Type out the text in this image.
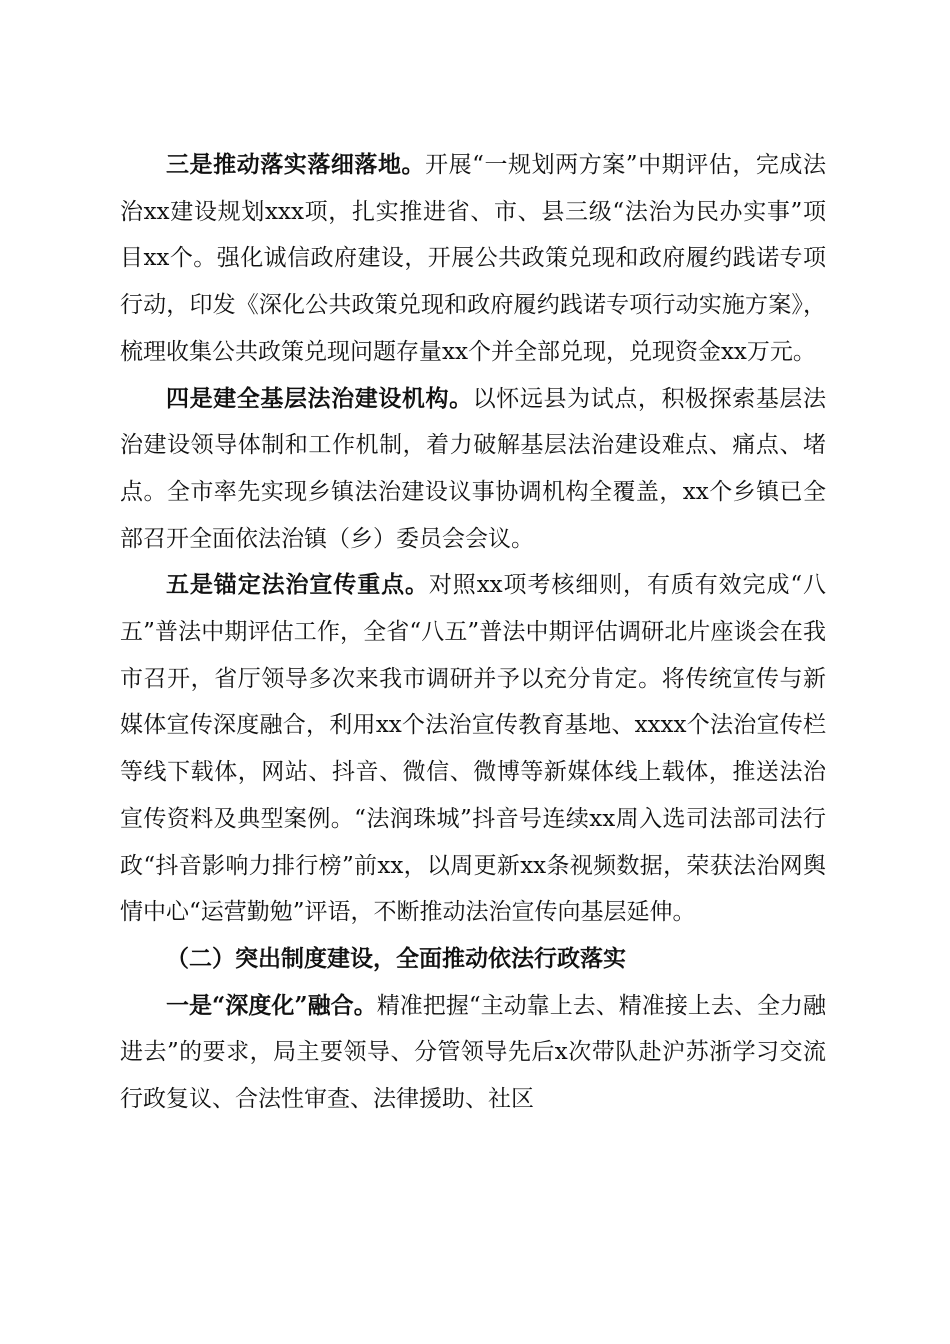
三是推动落实落细落地。开展“一规划两方案”中期评估，完成法治xx建设规划xxx项，扎实推进省、市、县三级“法治为民办实事”项目xx个。强化诚信政府建设，开展公共政策兑现和政府履约践诺专项行动，印发《深化公共政策兑现和政府履约践诺专项行动实施方案》，梳理收集公共政策兑现问题存量xx个并全部兑现，兑现资金xx万元。

四是建全基层法治建设机构。以怀远县为试点，积极探索基层法治建设领导体制和工作机制，着力破解基层法治建设难点、痛点、堵点。全市率先实现乡镇法治建设议事协调机构全覆盖，xx个乡镇已全部召开全面依法治镇（乡）委员会会议。

五是锚定法治宣传重点。对照xx项考核细则，有质有效完成“八五”普法中期评估工作，全省“八五”普法中期评估调研北片座谈会在我市召开，省厅领导多次来我市调研并予以充分肯定。将传统宣传与新媒体宣传深度融合，利用xx个法治宣传教育基地、xxxx个法治宣传栏等线下载体，网站、抖音、微信、微博等新媒体线上载体，推送法治宣传资料及典型案例。“法润珠城”抖音号连续xx周入选司法部司法行政“抖音影响力排行榜”前xx，以周更新xx条视频数据，荣获法治网舆情中心“运营勤勉”评语，不断推动法治宣传向基层延伸。

（二）突出制度建设，全面推动依法行政落实

一是“深度化”融合。精准把握“主动靠上去、精准接上去、全力融进去”的要求，局主要领导、分管领导先后x次带队赴沪苏浙学习交流行政复议、合法性审查、法律援助、社区
